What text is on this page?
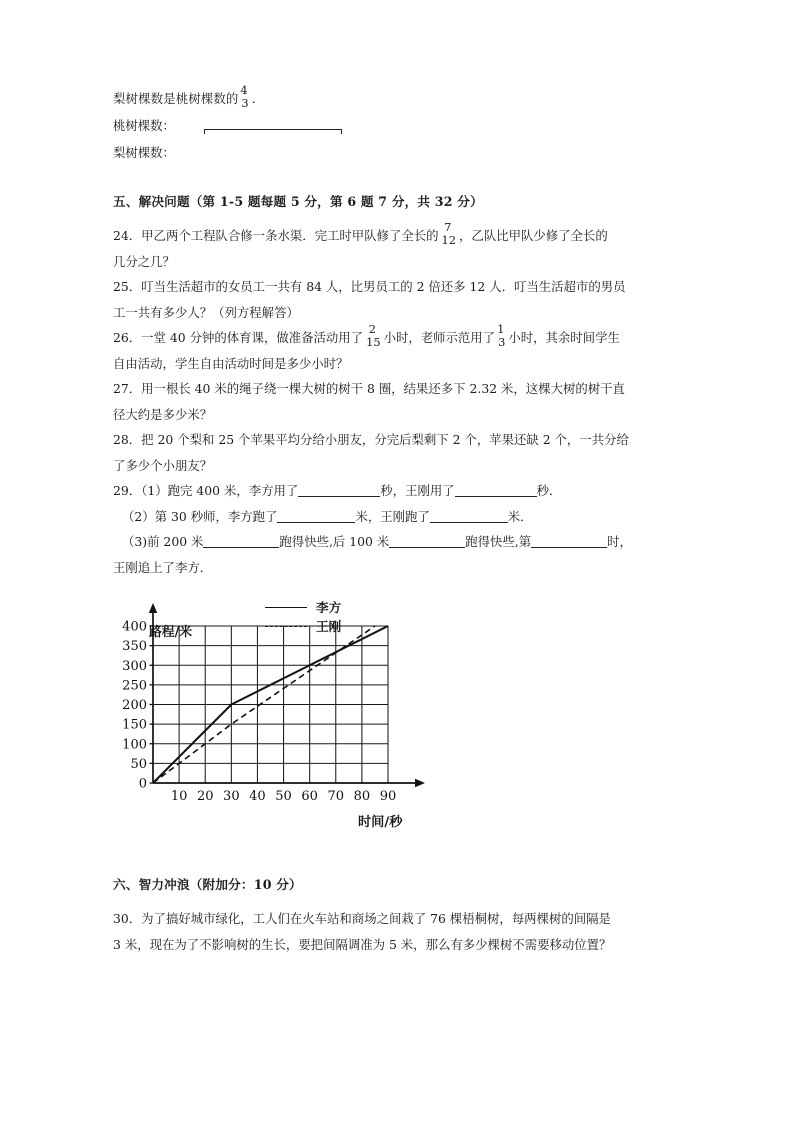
梨树棵数是桃树棵数的
4
3 ．
桃树棵数：
梨树棵数：
五、解决问题（第 1-5 题每题 5 分，第 6 题 7 分，共 32 分）
24．甲乙两个工程队合修一条水渠．完工时甲队修了全长的
7
12 ，乙队比甲队少修了全长的
几分之几？
25．叮当生活超市的女员工一共有 84 人，比男员工的 2 倍还多 12 人．叮当生活超市的男员
工一共有多少人？（列方程解答）
26．一堂 40 分钟的体育课，做准备活动用了
2
15 小时，老师示范用了
1
3 小时，其余时间学生
自由活动，学生自由活动时间是多少小时？
27．用一根长 40 米的绳子绕一棵大树的树干 8 圈，结果还多下 2.32 米，这棵大树的树干直
径大约是多少米？
28．把 20 个梨和 25 个苹果平均分给小朋友，分完后梨剩下 2 个，苹果还缺 2 个，一共分给
了多少个小朋友？
29．（1）跑完 400 米，李方用了	秒，王刚用了	秒．
（2）第 30 秒师，李方跑了	米，王刚跑了	米．
（3)前 200 米	跑得快些,后 100 米	跑得快些,第	时，
王刚追上了李方．
李方
王刚
路程/米
时间/秒
0
50
100
150
200
250
300
350
400
10 20 30 40 50 60 70 80 90
六、智力冲浪（附加分：10 分）
30．为了搞好城市绿化，工人们在火车站和商场之间栽了 76 棵梧桐树，每两棵树的间隔是
3 米，现在为了不影响树的生长，要把间隔调准为 5 米，那么有多少棵树不需要移动位置？
